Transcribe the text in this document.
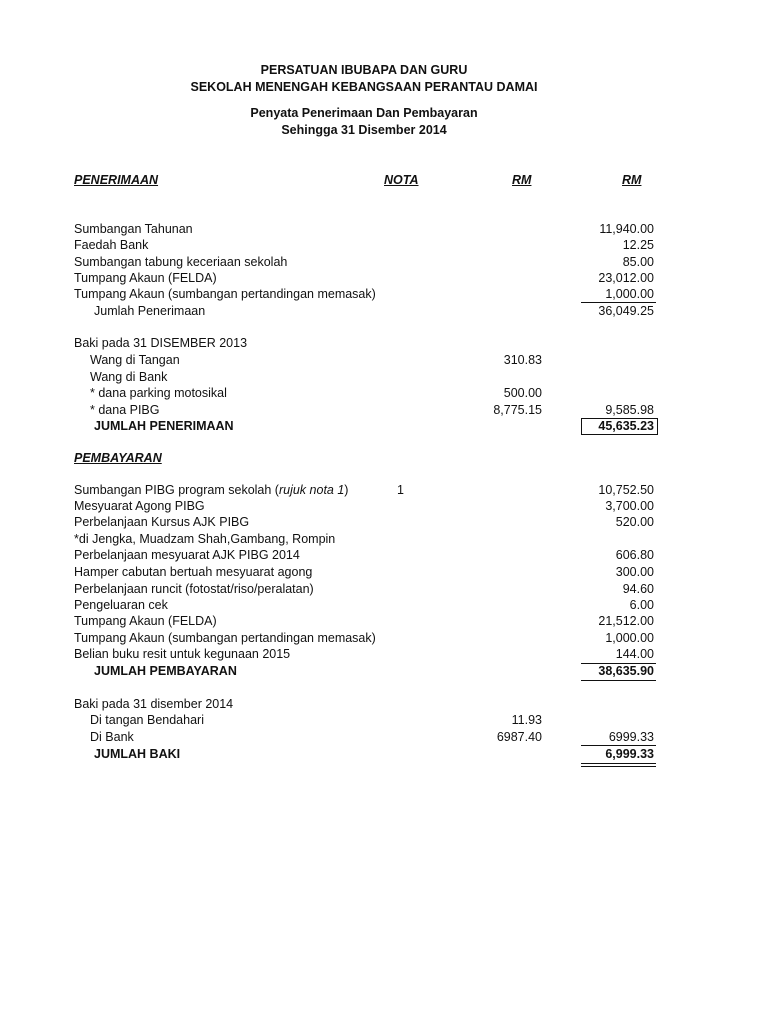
PERSATUAN IBUBAPA DAN GURU
SEKOLAH MENENGAH KEBANGSAAN PERANTAU DAMAI
Penyata Penerimaan Dan Pembayaran
Sehingga 31 Disember 2014
PENERIMAAN	NOTA	RM	RM
Sumbangan Tahunan	11,940.00
Faedah Bank	12.25
Sumbangan tabung keceriaan sekolah	85.00
Tumpang Akaun (FELDA)	23,012.00
Tumpang Akaun (sumbangan pertandingan memasak)	1,000.00
Jumlah Penerimaan	36,049.25
Baki pada 31 DISEMBER 2013
Wang di Tangan	310.83
Wang di Bank
* dana parking motosikal	500.00
* dana PIBG	8,775.15	9,585.98
JUMLAH PENERIMAAN	45,635.23
PEMBAYARAN
Sumbangan PIBG program sekolah (rujuk nota 1)	1	10,752.50
Mesyuarat Agong PIBG	3,700.00
Perbelanjaan Kursus AJK PIBG	520.00
*di Jengka, Muadzam Shah,Gambang, Rompin
Perbelanjaan mesyuarat AJK PIBG 2014	606.80
Hamper cabutan bertuah mesyuarat agong	300.00
Perbelanjaan runcit (fotostat/riso/peralatan)	94.60
Pengeluaran cek	6.00
Tumpang Akaun (FELDA)	21,512.00
Tumpang Akaun (sumbangan pertandingan memasak)	1,000.00
Belian buku resit untuk kegunaan 2015	144.00
JUMLAH PEMBAYARAN	38,635.90
Baki pada 31 disember 2014
Di tangan Bendahari	11.93
Di Bank	6987.40	6999.33
JUMLAH BAKI	6,999.33
